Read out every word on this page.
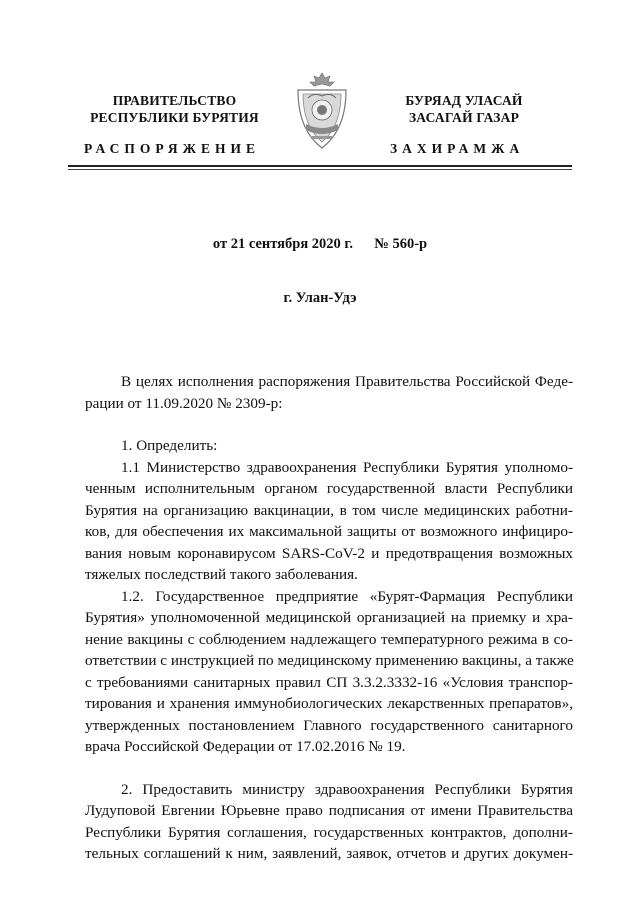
ПРАВИТЕЛЬСТВО
РЕСПУБЛИКИ БУРЯТИЯ
БУРЯАД УЛАСАЙ
ЗАСАГАЙ ГАЗАР
РАСПОРЯЖЕНИЕ	ЗАХИРАМЖА
от 21 сентября 2020 г. № 560-р
г. Улан-Удэ
В целях исполнения распоряжения Правительства Российской Феде-
рации от 11.09.2020 № 2309-р:
1. Определить:
1.1 Министерство здравоохранения Республики Бурятия уполномо-
ченным исполнительным органом государственной власти Республики
Бурятия на организацию вакцинации, в том числе медицинских работни-
ков, для обеспечения их максимальной защиты от возможного инфициро-
вания новым коронавирусом SARS-CoV-2 и предотвращения возможных
тяжелых последствий такого заболевания.
1.2. Государственное предприятие «Бурят-Фармация Республики
Бурятия» уполномоченной медицинской организацией на приемку и хра-
нение вакцины с соблюдением надлежащего температурного режима в со-
ответствии с инструкцией по медицинскому применению вакцины, а также
с требованиями санитарных правил СП 3.3.2.3332-16 «Условия транспор-
тирования и хранения иммунобиологических лекарственных препаратов»,
утвержденных постановлением Главного государственного санитарного
врача Российской Федерации от 17.02.2016 № 19.
2. Предоставить министру здравоохранения Республики Бурятия
Лудуповой Евгении Юрьевне право подписания от имени Правительства
Республики Бурятия соглашения, государственных контрактов, дополни-
тельных соглашений к ним, заявлений, заявок, отчетов и других докумен-
